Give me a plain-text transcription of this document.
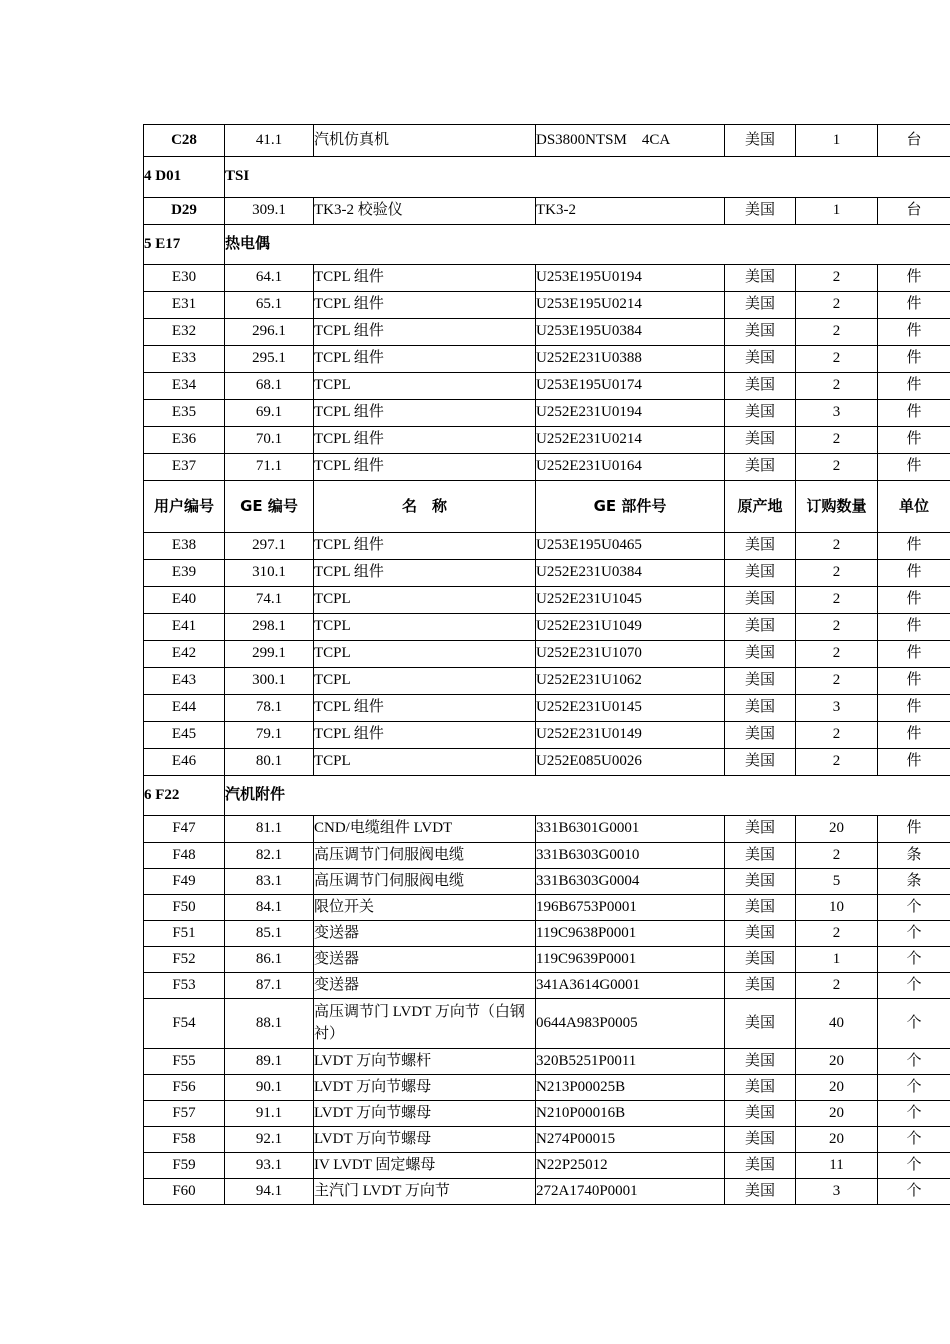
C28	41.1	汽机仿真机	DS3800NTSM　4CA	美国	1	台
4 D01	TSI					
D29	309.1	TK3-2 校验仪	TK3-2	美国	1	台
5 E17	热电偶					
E30	64.1	TCPL 组件	U253E195U0194	美国	2	件
E31	65.1	TCPL 组件	U253E195U0214	美国	2	件
E32	296.1	TCPL 组件	U253E195U0384	美国	2	件
E33	295.1	TCPL 组件	U252E231U0388	美国	2	件
E34	68.1	TCPL	U253E195U0174	美国	2	件
E35	69.1	TCPL 组件	U252E231U0194	美国	3	件
E36	70.1	TCPL 组件	U252E231U0214	美国	2	件
E37	71.1	TCPL 组件	U252E231U0164	美国	2	件
用户编号	GE 编号	名　称	GE 部件号	原产地	订购数量	单位
E38	297.1	TCPL 组件	U253E195U0465	美国	2	件
E39	310.1	TCPL 组件	U252E231U0384	美国	2	件
E40	74.1	TCPL	U252E231U1045	美国	2	件
E41	298.1	TCPL	U252E231U1049	美国	2	件
E42	299.1	TCPL	U252E231U1070	美国	2	件
E43	300.1	TCPL	U252E231U1062	美国	2	件
E44	78.1	TCPL 组件	U252E231U0145	美国	3	件
E45	79.1	TCPL 组件	U252E231U0149	美国	2	件
E46	80.1	TCPL	U252E085U0026	美国	2	件
6 F22	汽机附件					
F47	81.1	CND/电缆组件 LVDT	331B6301G0001	美国	20	件
F48	82.1	高压调节门伺服阀电缆	331B6303G0010	美国	2	条
F49	83.1	高压调节门伺服阀电缆	331B6303G0004	美国	5	条
F50	84.1	限位开关	196B6753P0001	美国	10	个
F51	85.1	变送器	119C9638P0001	美国	2	个
F52	86.1	变送器	119C9639P0001	美国	1	个
F53	87.1	变送器	341A3614G0001	美国	2	个
F54	88.1	高压调节门 LVDT 万向节（白钢衬）	0644A983P0005	美国	40	个
F55	89.1	LVDT 万向节螺杆	320B5251P0011	美国	20	个
F56	90.1	LVDT 万向节螺母	N213P00025B	美国	20	个
F57	91.1	LVDT 万向节螺母	N210P00016B	美国	20	个
F58	92.1	LVDT 万向节螺母	N274P00015	美国	20	个
F59	93.1	IV LVDT 固定螺母	N22P25012	美国	11	个
F60	94.1	主汽门 LVDT 万向节	272A1740P0001	美国	3	个
